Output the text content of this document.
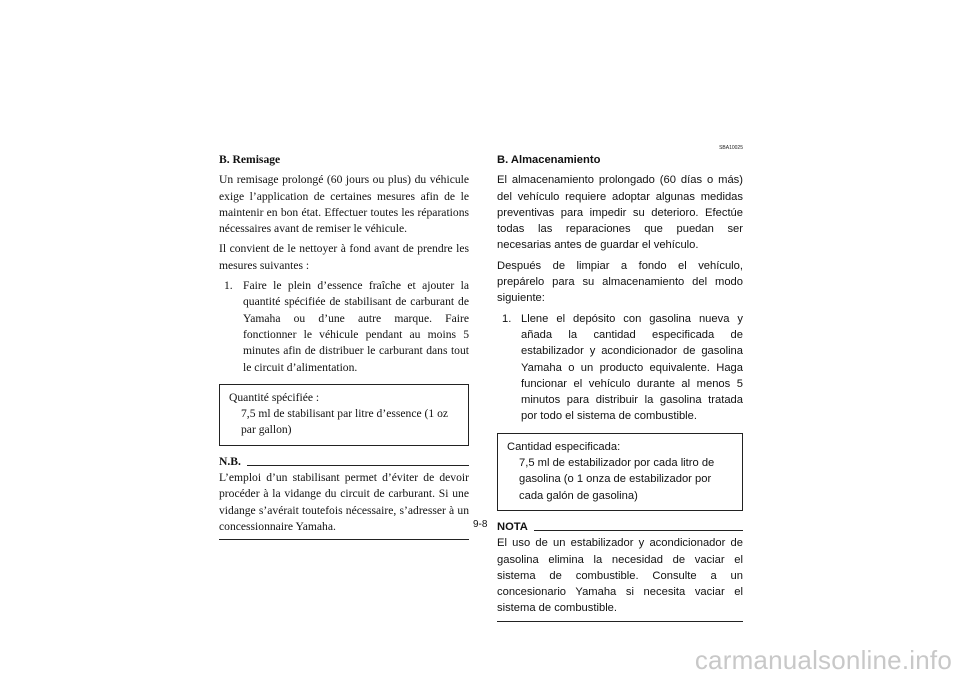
B. Remisage

Un remisage prolongé (60 jours ou plus) du véhicule exige l’application de certaines mesures afin de le maintenir en bon état. Effectuer toutes les réparations nécessaires avant de remiser le véhicule.

Il convient de le nettoyer à fond avant de prendre les mesures suivantes :

1. Faire le plein d’essence fraîche et ajouter la quantité spécifiée de stabilisant de carburant de Yamaha ou d’une autre marque. Faire fonctionner le véhicule pendant au moins 5 minutes afin de distribuer le carburant dans tout le circuit d’alimentation.
Quantité spécifiée :
7,5 ml de stabilisant par litre d’essence (1 oz par gallon)
N.B.

L’emploi d’un stabilisant permet d’éviter de devoir procéder à la vidange du circuit de carburant. Si une vidange s’avérait toutefois nécessaire, s’adresser à un concessionnaire Yamaha.

SBA10025
B. Almacenamiento

El almacenamiento prolongado (60 días o más) del vehículo requiere adoptar algunas medidas preventivas para impedir su deterioro. Efectúe todas las reparaciones que puedan ser necesarias antes de guardar el vehículo.

Después de limpiar a fondo el vehículo, prepárelo para su almacenamiento del modo siguiente:

1. Llene el depósito con gasolina nueva y añada la cantidad especificada de estabilizador y acondicionador de gasolina Yamaha o un producto equivalente. Haga funcionar el vehículo durante al menos 5 minutos para distribuir la gasolina tratada por todo el sistema de combustible.
Cantidad especificada:
7,5 ml de estabilizador por cada litro de gasolina (o 1 onza de estabilizador por cada galón de gasolina)
NOTA

El uso de un estabilizador y acondicionador de gasolina elimina la necesidad de vaciar el sistema de combustible. Consulte a un concesionario Yamaha si necesita vaciar el sistema de combustible.

9-8
carmanualsonline.info
